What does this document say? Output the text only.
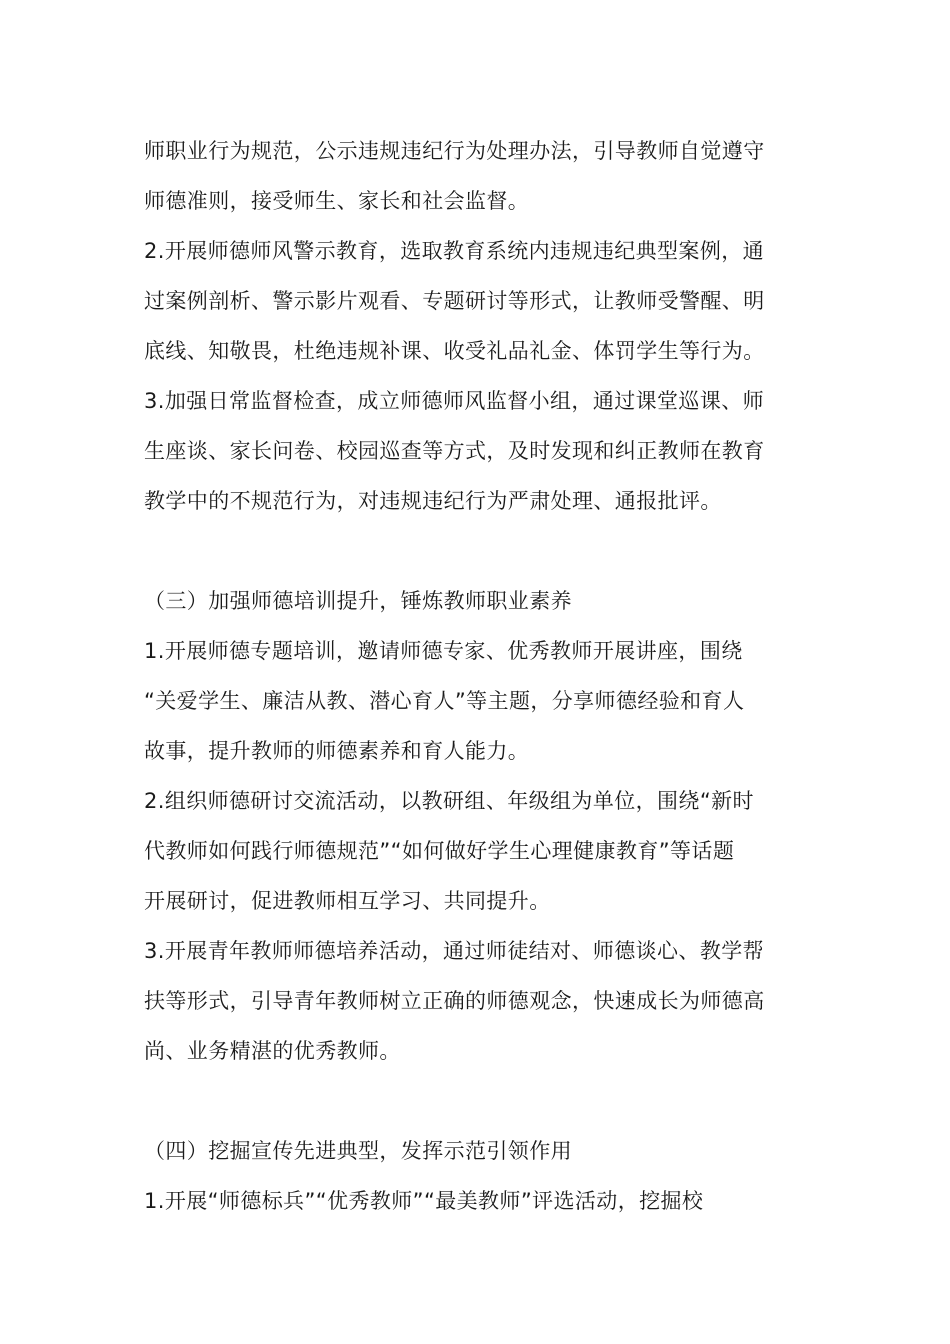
师职业行为规范，公示违规违纪行为处理办法，引导教师自觉遵守
师德准则，接受师生、家长和社会监督。
2.开展师德师风警示教育，选取教育系统内违规违纪典型案例，通
过案例剖析、警示影片观看、专题研讨等形式，让教师受警醒、明
底线、知敬畏，杜绝违规补课、收受礼品礼金、体罚学生等行为。
3.加强日常监督检查，成立师德师风监督小组，通过课堂巡课、师
生座谈、家长问卷、校园巡查等方式，及时发现和纠正教师在教育
教学中的不规范行为，对违规违纪行为严肃处理、通报批评。
（三）加强师德培训提升，锤炼教师职业素养
1.开展师德专题培训，邀请师德专家、优秀教师开展讲座，围绕
“关爱学生、廉洁从教、潜心育人”等主题，分享师德经验和育人
故事，提升教师的师德素养和育人能力。
2.组织师德研讨交流活动，以教研组、年级组为单位，围绕“新时
代教师如何践行师德规范”“如何做好学生心理健康教育”等话题
开展研讨，促进教师相互学习、共同提升。
3.开展青年教师师德培养活动，通过师徒结对、师德谈心、教学帮
扶等形式，引导青年教师树立正确的师德观念，快速成长为师德高
尚、业务精湛的优秀教师。
（四）挖掘宣传先进典型，发挥示范引领作用
1.开展“师德标兵”“优秀教师”“最美教师”评选活动，挖掘校
